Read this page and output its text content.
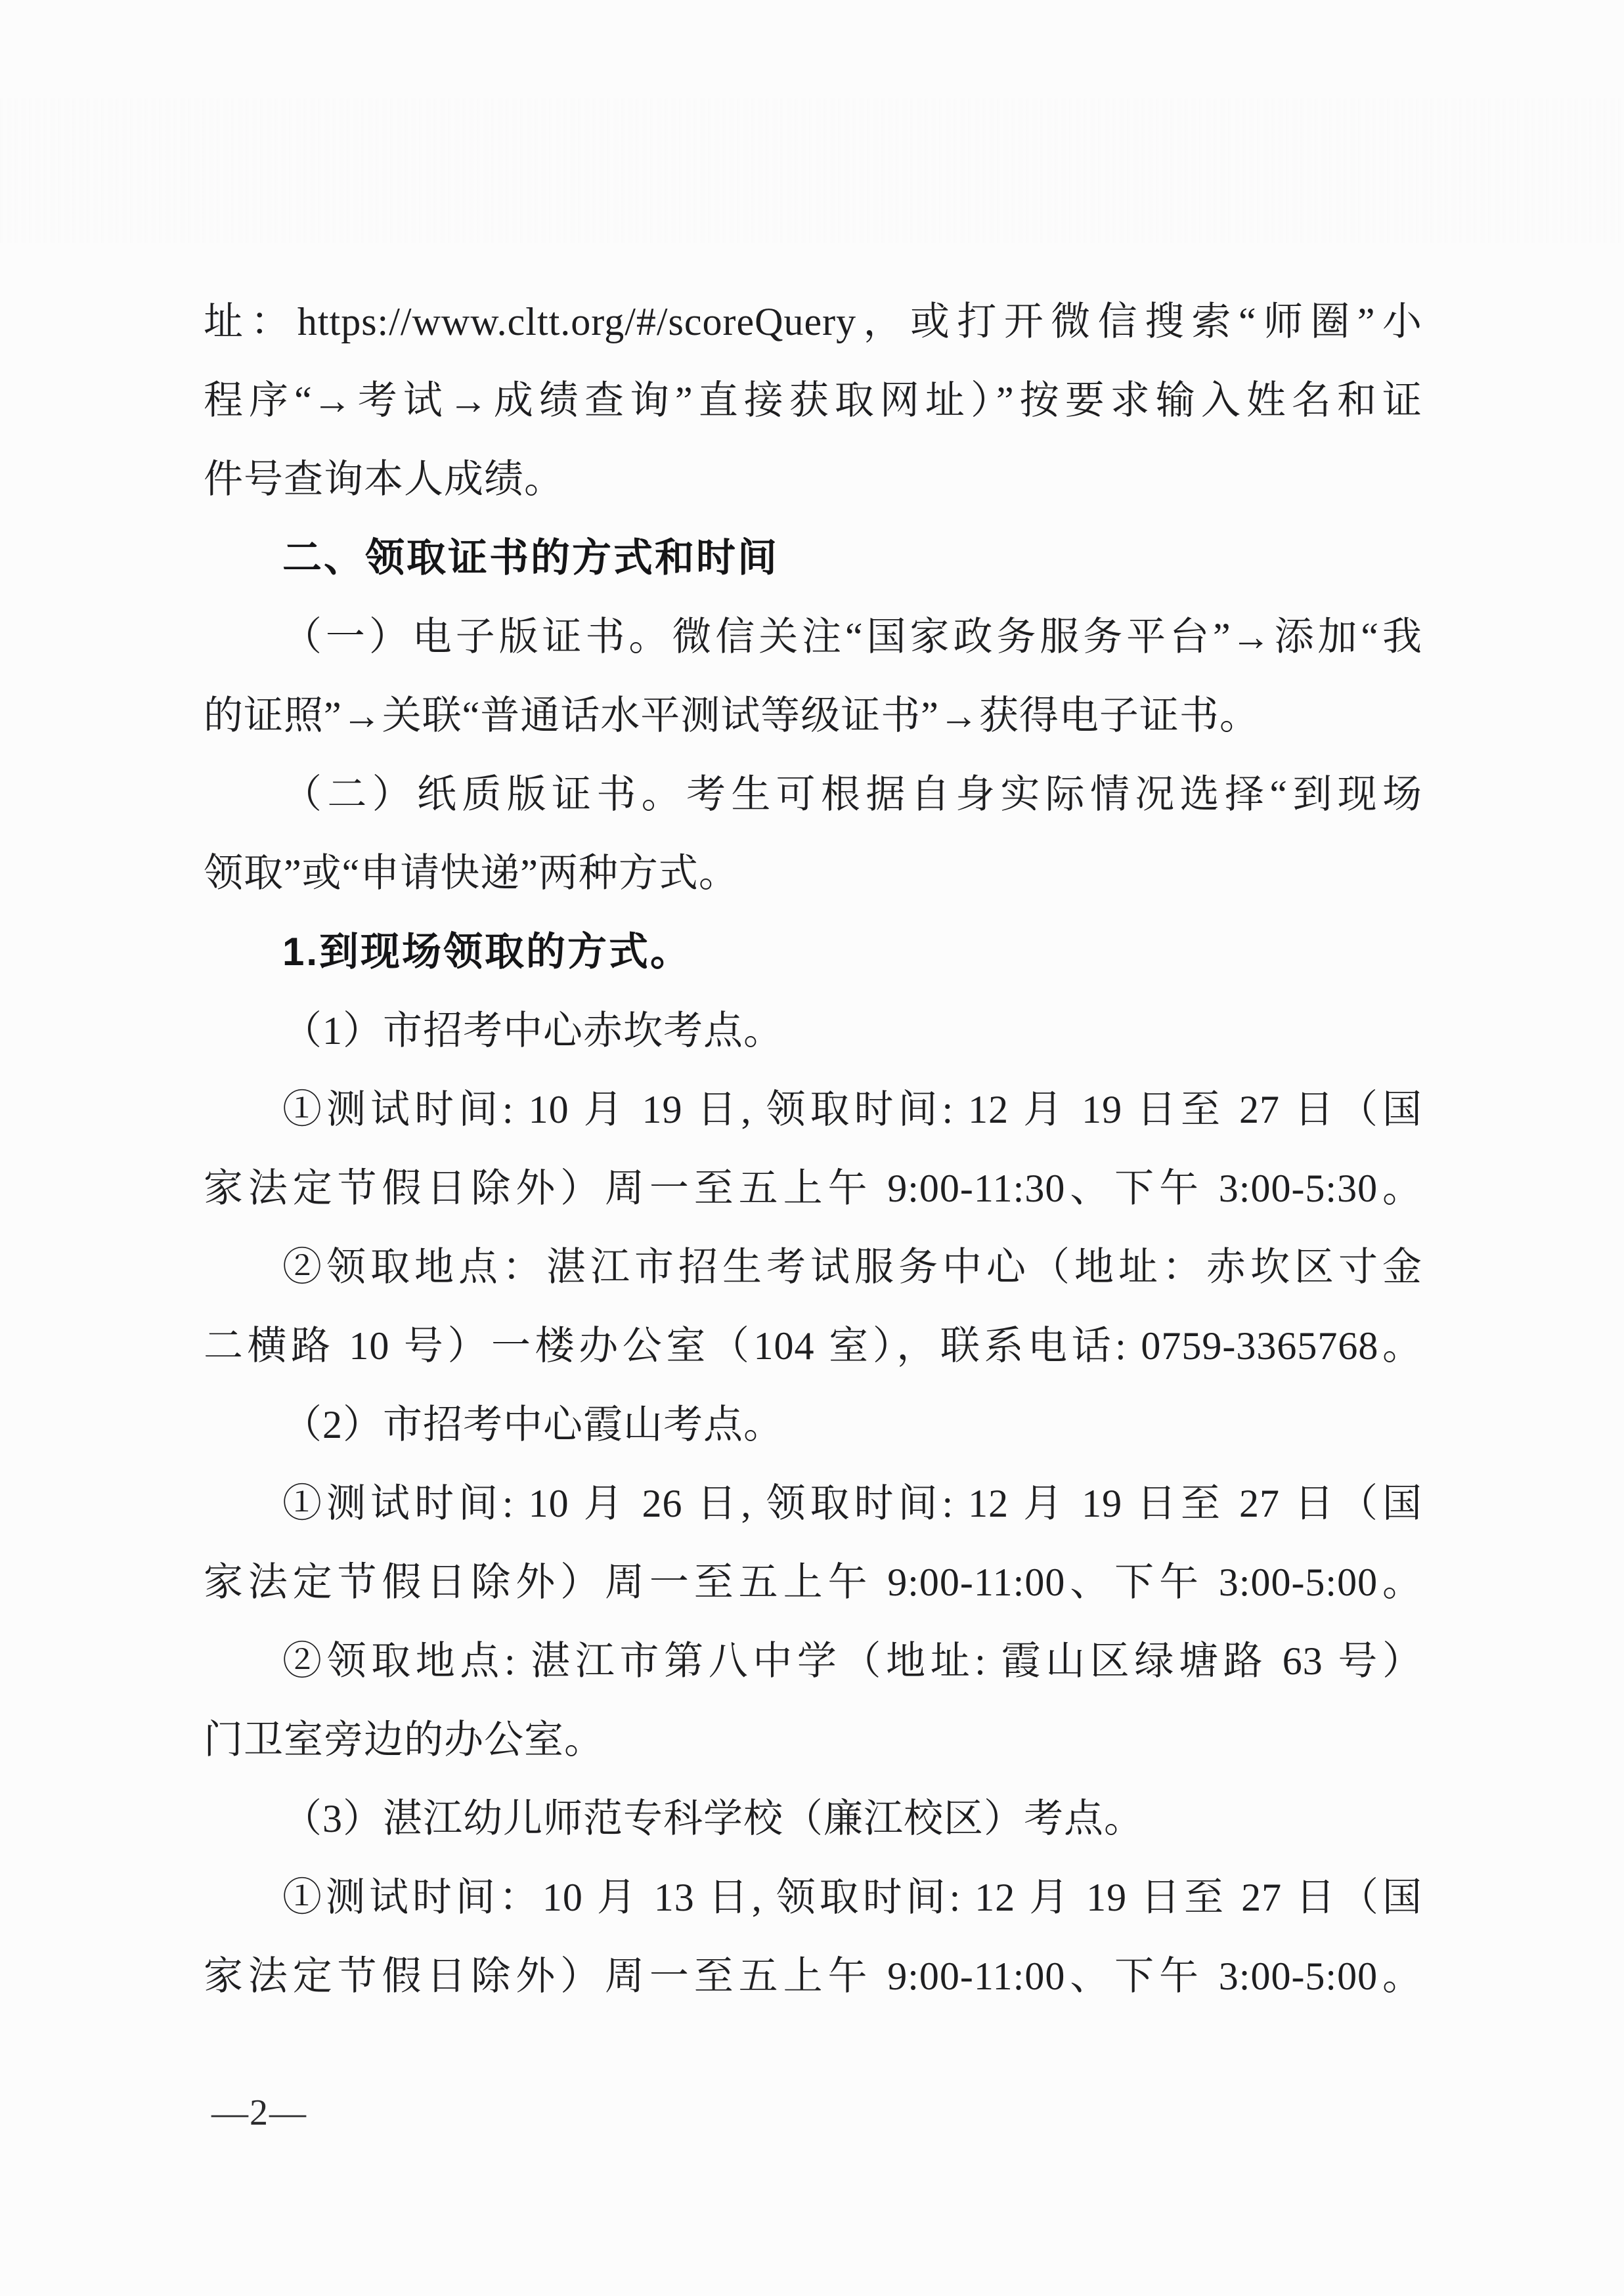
址：https://www.cltt.org/#/scoreQuery，或打开微信搜索“师圈”小
程序“→考试→成绩查询”直接获取网址）”按要求输入姓名和证
件号查询本人成绩。
二、领取证书的方式和时间
（一）电子版证书。微信关注“国家政务服务平台”→添加“我
的证照”→关联“普通话水平测试等级证书”→获得电子证书。
（二）纸质版证书。考生可根据自身实际情况选择“到现场
领取”或“申请快递”两种方式。
1.到现场领取的方式。
（1）市招考中心赤坎考点。
①测试时间: 10 月 19 日, 领取时间: 12 月 19 日至 27 日（国
家法定节假日除外）周一至五上午 9:00-11:30、下午 3:00-5:30。
②领取地点：湛江市招生考试服务中心（地址：赤坎区寸金
二横路 10 号）一楼办公室（104 室），联系电话: 0759-3365768。
（2）市招考中心霞山考点。
①测试时间: 10 月 26 日, 领取时间: 12 月 19 日至 27 日（国
家法定节假日除外）周一至五上午 9:00-11:00、下午 3:00-5:00。
②领取地点: 湛江市第八中学（地址: 霞山区绿塘路 63 号）
门卫室旁边的办公室。
（3）湛江幼儿师范专科学校（廉江校区）考点。
①测试时间：10 月 13 日, 领取时间: 12 月 19 日至 27 日（国
家法定节假日除外）周一至五上午 9:00-11:00、下午 3:00-5:00。
—2—
